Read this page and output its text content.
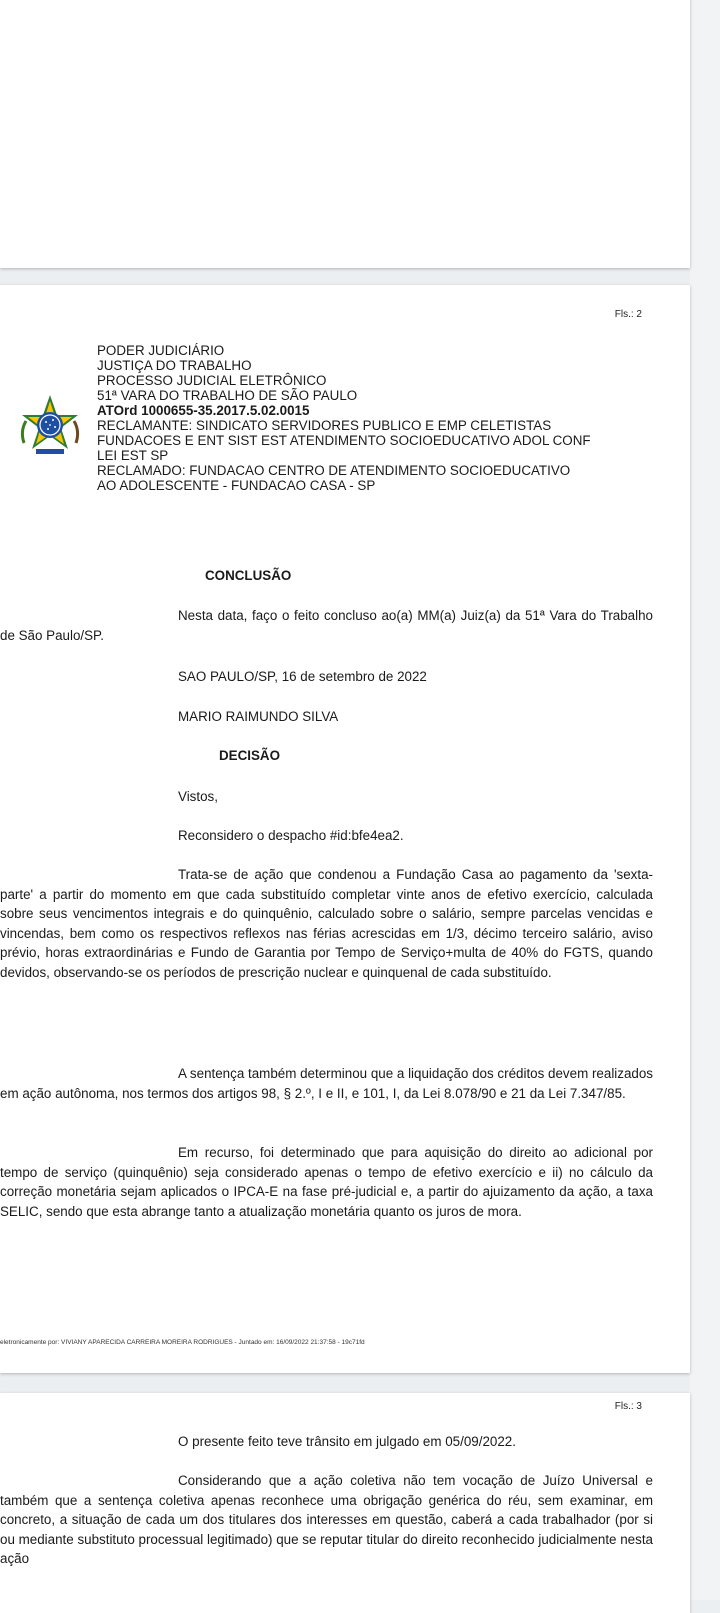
Fls.: 2
PODER JUDICIÁRIO
JUSTIÇA DO TRABALHO
PROCESSO JUDICIAL ELETRÔNICO
51ª VARA DO TRABALHO DE SÃO PAULO
ATOrd 1000655-35.2017.5.02.0015
RECLAMANTE: SINDICATO SERVIDORES PUBLICO E EMP CELETISTAS
FUNDACOES E ENT SIST EST ATENDIMENTO SOCIOEDUCATIVO ADOL CONF
LEI EST SP
RECLAMADO: FUNDACAO CENTRO DE ATENDIMENTO SOCIOEDUCATIVO
AO ADOLESCENTE - FUNDACAO CASA - SP
CONCLUSÃO

Nesta data, faço o feito concluso ao(a) MM(a) Juiz(a) da 51ª Vara do Trabalho de São Paulo/SP.

SAO PAULO/SP, 16 de setembro de 2022
MARIO RAIMUNDO SILVA
DECISÃO
Vistos,
Reconsidero o despacho #id:bfe4ea2.

Trata-se de ação que condenou a Fundação Casa ao pagamento da 'sexta-parte' a partir do momento em que cada substituído completar vinte anos de efetivo exercício, calculada sobre seus vencimentos integrais e do quinquênio, calculado sobre o salário, sempre parcelas vencidas e vincendas, bem como os respectivos reflexos nas férias acrescidas em 1/3, décimo terceiro salário, aviso prévio, horas extraordinárias e Fundo de Garantia por Tempo de Serviço+multa de 40% do FGTS, quando devidos, observando-se os períodos de prescrição nuclear e quinquenal de cada substituído.

A sentença também determinou que a liquidação dos créditos devem realizados em ação autônoma, nos termos dos artigos 98, § 2.º, I e II, e 101, I, da Lei 8.078/90 e 21 da Lei 7.347/85.

Em recurso, foi determinado que para aquisição do direito ao adicional por tempo de serviço (quinquênio) seja considerado apenas o tempo de efetivo exercício e ii) no cálculo da correção monetária sejam aplicados o IPCA-E na fase pré-judicial e, a partir do ajuizamento da ação, a taxa SELIC, sendo que esta abrange tanto a atualização monetária quanto os juros de mora.

eletronicamente por: VIVIANY APARECIDA CARREIRA MOREIRA RODRIGUES - Juntado em: 16/09/2022 21:37:58 - 19c71fd
Fls.: 3
O presente feito teve trânsito em julgado em 05/09/2022.

Considerando que a ação coletiva não tem vocação de Juízo Universal e também que a sentença coletiva apenas reconhece uma obrigação genérica do réu, sem examinar, em concreto, a situação de cada um dos titulares dos interesses em questão, caberá a cada trabalhador (por si ou mediante substituto processual legitimado) que se reputar titular do direito reconhecido judicialmente nesta ação
